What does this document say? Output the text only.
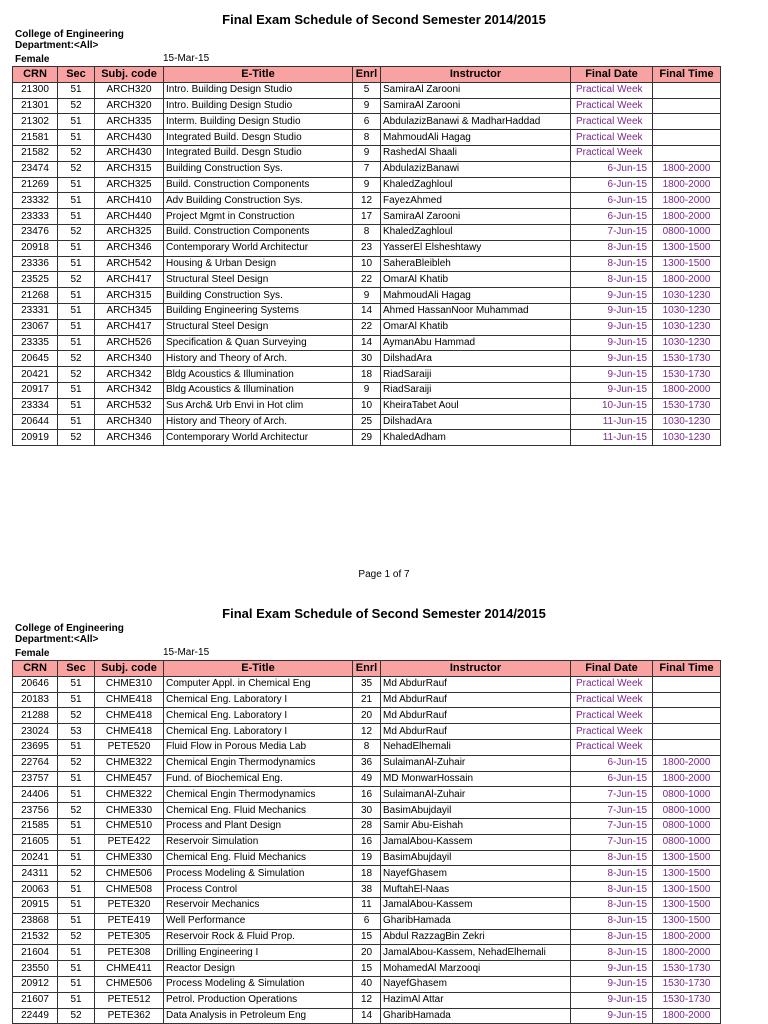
Final Exam Schedule of Second Semester 2014/2015
College of Engineering
Department:<All>
Female	15-Mar-15
CRN	Sec	Subj. code	E-Title	Enrl	Instructor	Final Date	Final Time
21300	51	ARCH320	Intro. Building Design Studio	5	SamiraAl Zarooni	Practical Week	
21301	52	ARCH320	Intro. Building Design Studio	9	SamiraAl Zarooni	Practical Week	
21302	51	ARCH335	Interm. Building Design Studio	6	AbdulazizBanawi & MadharHaddad	Practical Week	
21581	51	ARCH430	Integrated Build. Desgn Studio	8	MahmoudAli Hagag	Practical Week	
21582	52	ARCH430	Integrated Build. Desgn Studio	9	RashedAl Shaali	Practical Week	
23474	52	ARCH315	Building Construction Sys.	7	AbdulazizBanawi	6-Jun-15	1800-2000
21269	51	ARCH325	Build. Construction Components	9	KhaledZaghloul	6-Jun-15	1800-2000
23332	51	ARCH410	Adv Building Construction Sys.	12	FayezAhmed	6-Jun-15	1800-2000
23333	51	ARCH440	Project Mgmt in Construction	17	SamiraAl Zarooni	6-Jun-15	1800-2000
23476	52	ARCH325	Build. Construction Components	8	KhaledZaghloul	7-Jun-15	0800-1000
20918	51	ARCH346	Contemporary World Architectur	23	YasserEl Elsheshtawy	8-Jun-15	1300-1500
23336	51	ARCH542	Housing & Urban Design	10	SaheraBleibleh	8-Jun-15	1300-1500
23525	52	ARCH417	Structural Steel Design	22	OmarAl Khatib	8-Jun-15	1800-2000
21268	51	ARCH315	Building Construction Sys.	9	MahmoudAli Hagag	9-Jun-15	1030-1230
23331	51	ARCH345	Building Engineering Systems	14	Ahmed HassanNoor Muhammad	9-Jun-15	1030-1230
23067	51	ARCH417	Structural Steel Design	22	OmarAl Khatib	9-Jun-15	1030-1230
23335	51	ARCH526	Specification & Quan Surveying	14	AymanAbu Hammad	9-Jun-15	1030-1230
20645	52	ARCH340	History and Theory of Arch.	30	DilshadAra	9-Jun-15	1530-1730
20421	52	ARCH342	Bldg Acoustics & Illumination	18	RiadSaraiji	9-Jun-15	1530-1730
20917	51	ARCH342	Bldg Acoustics & Illumination	9	RiadSaraiji	9-Jun-15	1800-2000
23334	51	ARCH532	Sus Arch& Urb Envi in Hot clim	10	KheiraTabet Aoul	10-Jun-15	1530-1730
20644	51	ARCH340	History and Theory of Arch.	25	DilshadAra	11-Jun-15	1030-1230
20919	52	ARCH346	Contemporary World Architectur	29	KhaledAdham	11-Jun-15	1030-1230
Page 1 of 7
Final Exam Schedule of Second Semester 2014/2015
College of Engineering
Department:<All>
Female	15-Mar-15
CRN	Sec	Subj. code	E-Title	Enrl	Instructor	Final Date	Final Time
20646	51	CHME310	Computer Appl. in Chemical Eng	35	Md AbdurRauf	Practical Week	
20183	51	CHME418	Chemical Eng. Laboratory I	21	Md AbdurRauf	Practical Week	
21288	52	CHME418	Chemical Eng. Laboratory I	20	Md AbdurRauf	Practical Week	
23024	53	CHME418	Chemical Eng. Laboratory I	12	Md AbdurRauf	Practical Week	
23695	51	PETE520	Fluid Flow in Porous Media Lab	8	NehadElhemali	Practical Week	
22764	52	CHME322	Chemical Engin Thermodynamics	36	SulaimanAl-Zuhair	6-Jun-15	1800-2000
23757	51	CHME457	Fund. of Biochemical Eng.	49	MD MonwarHossain	6-Jun-15	1800-2000
24406	51	CHME322	Chemical Engin Thermodynamics	16	SulaimanAl-Zuhair	7-Jun-15	0800-1000
23756	52	CHME330	Chemical Eng. Fluid Mechanics	30	BasimAbujdayil	7-Jun-15	0800-1000
21585	51	CHME510	Process and Plant Design	28	Samir Abu-Eishah	7-Jun-15	0800-1000
21605	51	PETE422	Reservoir Simulation	16	JamalAbou-Kassem	7-Jun-15	0800-1000
20241	51	CHME330	Chemical Eng. Fluid Mechanics	19	BasimAbujdayil	8-Jun-15	1300-1500
24311	52	CHME506	Process Modeling & Simulation	18	NayefGhasem	8-Jun-15	1300-1500
20063	51	CHME508	Process Control	38	MuftahEl-Naas	8-Jun-15	1300-1500
20915	51	PETE320	Reservoir Mechanics	11	JamalAbou-Kassem	8-Jun-15	1300-1500
23868	51	PETE419	Well Performance	6	GharibHamada	8-Jun-15	1300-1500
21532	52	PETE305	Reservoir Rock & Fluid Prop.	15	Abdul RazzagBin Zekri	8-Jun-15	1800-2000
21604	51	PETE308	Drilling Engineering I	20	JamalAbou-Kassem, NehadElhemali	8-Jun-15	1800-2000
23550	51	CHME411	Reactor Design	15	MohamedAl Marzooqi	9-Jun-15	1530-1730
20912	51	CHME506	Process Modeling & Simulation	40	NayefGhasem	9-Jun-15	1530-1730
21607	51	PETE512	Petrol. Production Operations	12	HazimAl Attar	9-Jun-15	1530-1730
22449	52	PETE362	Data Analysis in Petroleum Eng	14	GharibHamada	9-Jun-15	1800-2000
